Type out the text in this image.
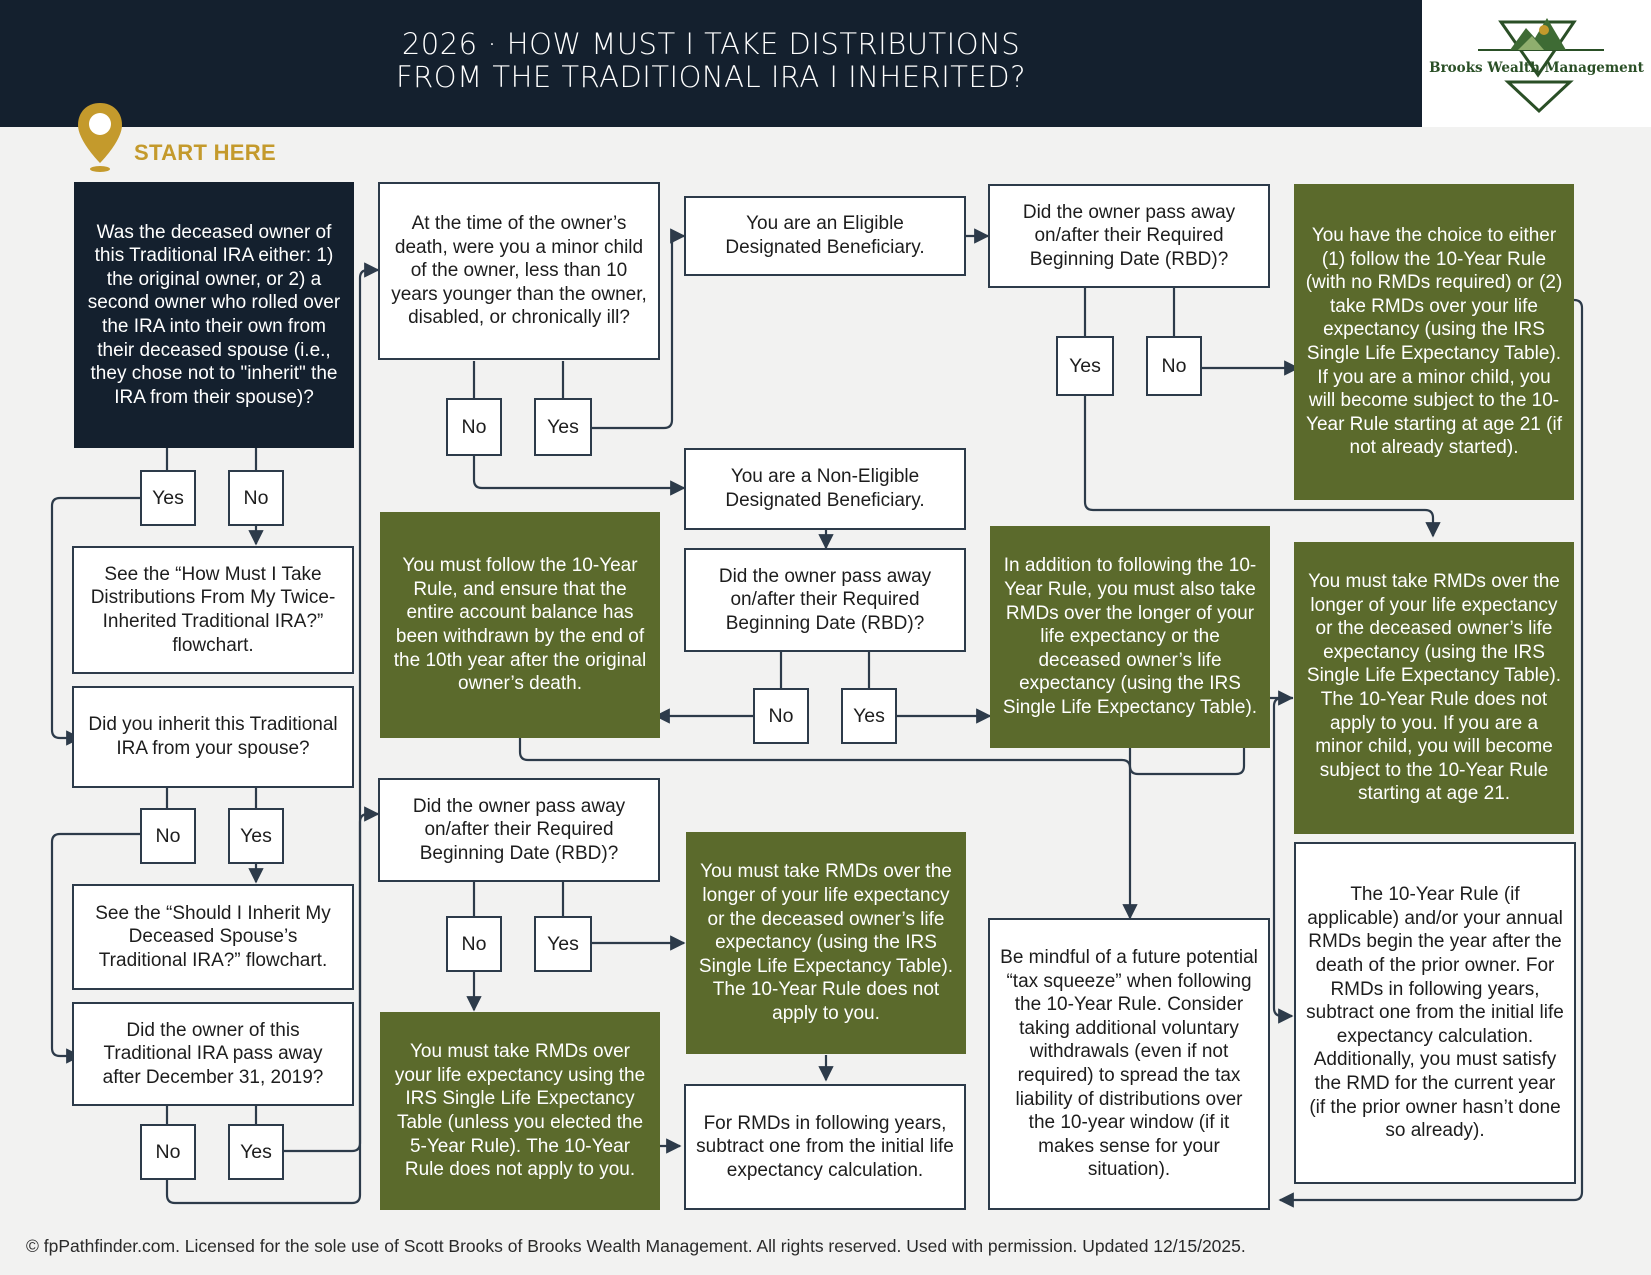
2026 · HOW MUST I TAKE DISTRIBUTIONS
FROM THE TRADITIONAL IRA I INHERITED?	Brooks Wealth Management
START HERE
Was the deceased owner of this Traditional IRA either: 1) the original owner, or 2) a second owner who rolled over the IRA into their own from their deceased spouse (i.e., they chose not to "inherit" the IRA from their spouse)?
Yes	No
See the “How Must I Take Distributions From My Twice-Inherited Traditional IRA?” flowchart.
Did you inherit this Traditional IRA from your spouse?
No	Yes
See the “Should I Inherit My Deceased Spouse’s Traditional IRA?” flowchart.
Did the owner of this Traditional IRA pass away after December 31, 2019?
No	Yes
At the time of the owner’s death, were you a minor child of the owner, less than 10 years younger than the owner, disabled, or chronically ill?
No	Yes
You must follow the 10-Year Rule, and ensure that the entire account balance has been withdrawn by the end of the 10th year after the original owner’s death.
Did the owner pass away on/after their Required Beginning Date (RBD)?
No	Yes
You must take RMDs over your life expectancy using the IRS Single Life Expectancy Table (unless you elected the 5-Year Rule). The 10-Year Rule does not apply to you.
You are an Eligible Designated Beneficiary.
You are a Non-Eligible Designated Beneficiary.
Did the owner pass away on/after their Required Beginning Date (RBD)?
No	Yes
You must take RMDs over the longer of your life expectancy or the deceased owner’s life expectancy (using the IRS Single Life Expectancy Table). The 10-Year Rule does not apply to you.
For RMDs in following years, subtract one from the initial life expectancy calculation.
Did the owner pass away on/after their Required Beginning Date (RBD)?
Yes	No
In addition to following the 10-Year Rule, you must also take RMDs over the longer of your life expectancy or the deceased owner’s life expectancy (using the IRS Single Life Expectancy Table).
Be mindful of a future potential “tax squeeze” when following the 10-Year Rule. Consider taking additional voluntary withdrawals (even if not required) to spread the tax liability of distributions over the 10-year window (if it makes sense for your situation).
You have the choice to either (1) follow the 10-Year Rule (with no RMDs required) or (2) take RMDs over your life expectancy (using the IRS Single Life Expectancy Table). If you are a minor child, you will become subject to the 10-Year Rule starting at age 21 (if not already started).
You must take RMDs over the longer of your life expectancy or the deceased owner’s life expectancy (using the IRS Single Life Expectancy Table). The 10-Year Rule does not apply to you. If you are a minor child, you will become subject to the 10-Year Rule starting at age 21.
The 10-Year Rule (if applicable) and/or your annual RMDs begin the year after the death of the prior owner. For RMDs in following years, subtract one from the initial life expectancy calculation. Additionally, you must satisfy the RMD for the current year (if the prior owner hasn’t done so already).
© fpPathfinder.com. Licensed for the sole use of Scott Brooks of Brooks Wealth Management. All rights reserved. Used with permission. Updated 12/15/2025.
